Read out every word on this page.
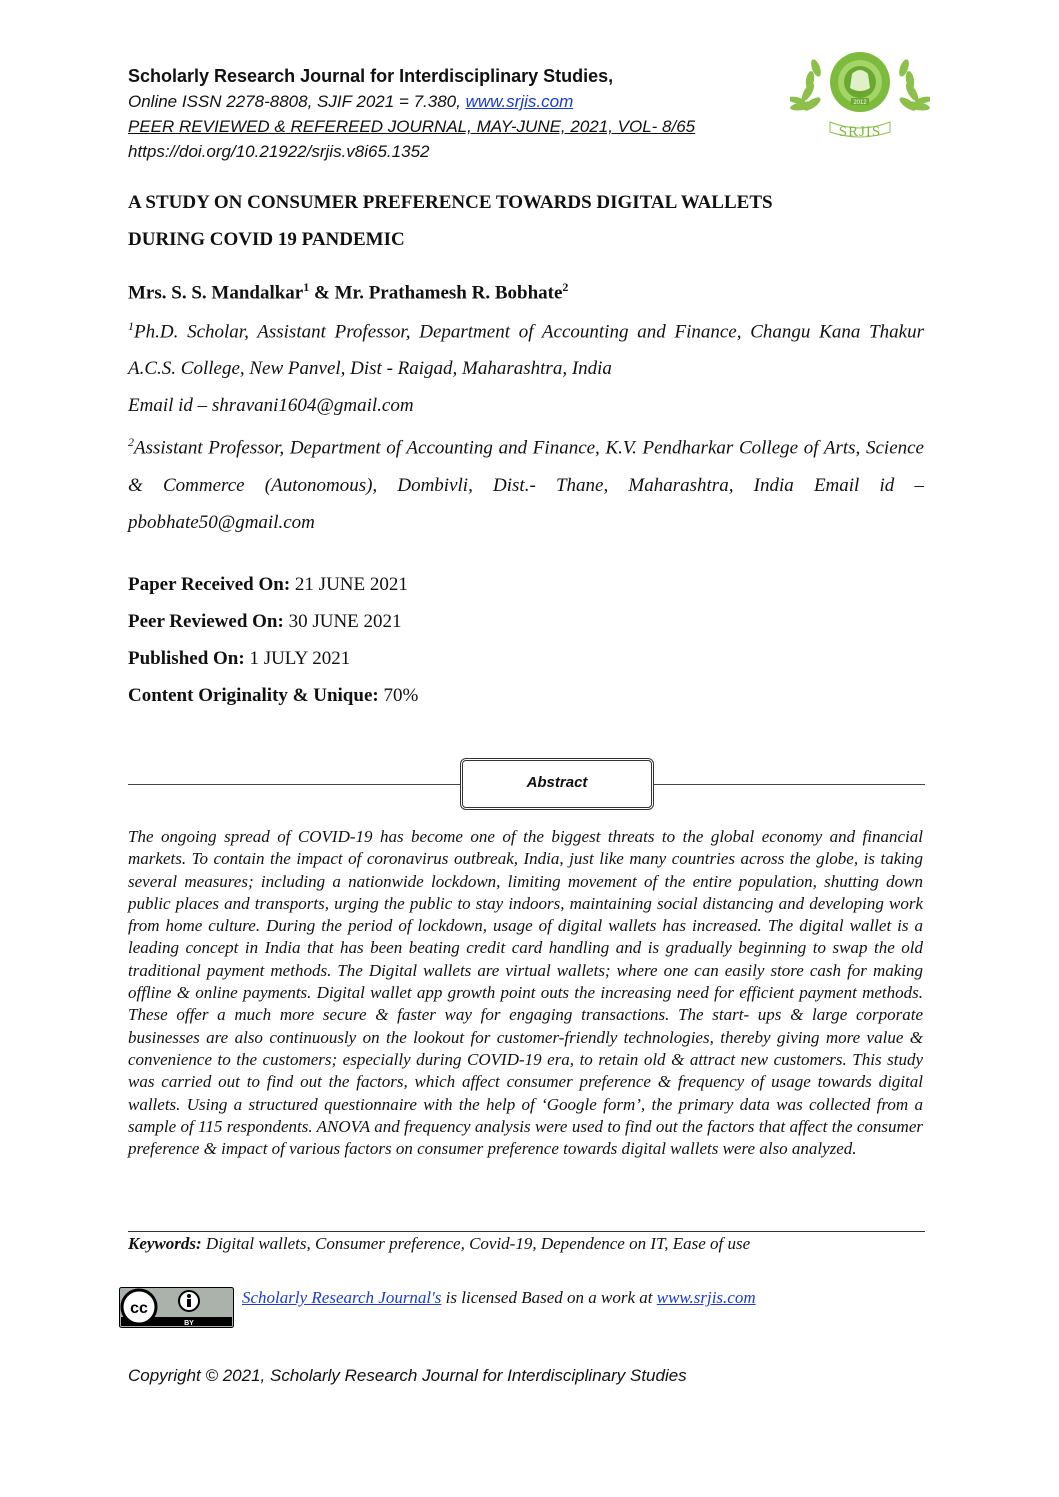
Scholarly Research Journal for Interdisciplinary Studies,
Online ISSN 2278-8808, SJIF 2021 = 7.380, www.srjis.com
PEER REVIEWED & REFEREED JOURNAL, MAY-JUNE, 2021, VOL- 8/65
https://doi.org/10.21922/srjis.v8i65.1352
2012
SRJIS
A STUDY ON CONSUMER PREFERENCE TOWARDS DIGITAL WALLETS
DURING COVID 19 PANDEMIC
Mrs. S. S. Mandalkar$^1$ & Mr. Prathamesh R. Bobhate$^2$

$^1$Ph.D. Scholar, Assistant Professor, Department of Accounting and Finance, Changu Kana Thakur A.C.S. College, New Panvel, Dist - Raigad, Maharashtra, India

Email id – shravani1604@gmail.com

$^2$Assistant Professor, Department of Accounting and Finance, K.V. Pendharkar College of Arts, Science & Commerce (Autonomous), Dombivli, Dist.- Thane, Maharashtra, India Email id – pbobhate50@gmail.com

Paper Received On: 21 JUNE 2021
Peer Reviewed On: 30 JUNE 2021
Published On: 1 JULY 2021
Content Originality & Unique: 70%
Abstract

The ongoing spread of COVID-19 has become one of the biggest threats to the global economy and financial markets. To contain the impact of coronavirus outbreak, India, just like many countries across the globe, is taking several measures; including a nationwide lockdown, limiting movement of the entire population, shutting down public places and transports, urging the public to stay indoors, maintaining social distancing and developing work from home culture. During the period of lockdown, usage of digital wallets has increased. The digital wallet is a leading concept in India that has been beating credit card handling and is gradually beginning to swap the old traditional payment methods. The Digital wallets are virtual wallets; where one can easily store cash for making offline & online payments. Digital wallet app growth point outs the increasing need for efficient payment methods. These offer a much more secure & faster way for engaging transactions. The start- ups & large corporate businesses are also continuously on the lookout for customer-friendly technologies, thereby giving more value & convenience to the customers; especially during COVID-19 era, to retain old & attract new customers. This study was carried out to find out the factors, which affect consumer preference & frequency of usage towards digital wallets. Using a structured questionnaire with the help of ‘Google form’, the primary data was collected from a sample of 115 respondents. ANOVA and frequency analysis were used to find out the factors that affect the consumer preference & impact of various factors on consumer preference towards digital wallets were also analyzed.

Keywords: Digital wallets, Consumer preference, Covid-19, Dependence on IT, Ease of use
cc
BY
Scholarly Research Journal's is licensed Based on a work at www.srjis.com
Copyright © 2021, Scholarly Research Journal for Interdisciplinary Studies
